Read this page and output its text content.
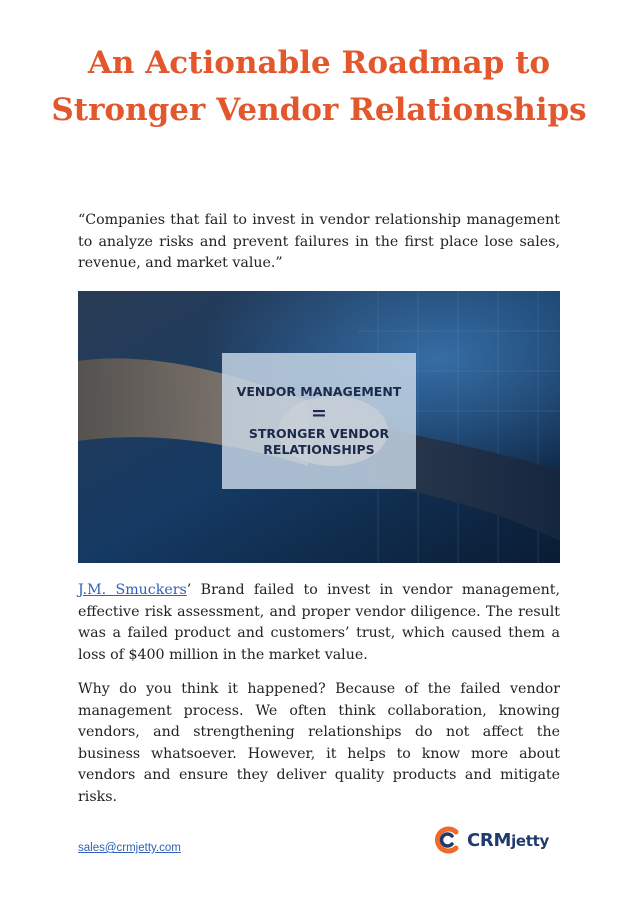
An Actionable Roadmap to Stronger Vendor Relationships

“Companies that fail to invest in vendor relationship management to analyze risks and prevent failures in the first place lose sales, revenue, and market value.”

VENDOR MANAGEMENT
=
STRONGER VENDOR
RELATIONSHIPS

J.M. Smuckers’ Brand failed to invest in vendor management, effective risk assessment, and proper vendor diligence. The result was a failed product and customers’ trust, which caused them a loss of $400 million in the market value.

Why do you think it happened? Because of the failed vendor management process. We often think collaboration, knowing vendors, and strengthening relationships do not affect the business whatsoever. However, it helps to know more about vendors and ensure they deliver quality products and mitigate risks.

sales@crmjetty.com	CRMjetty
